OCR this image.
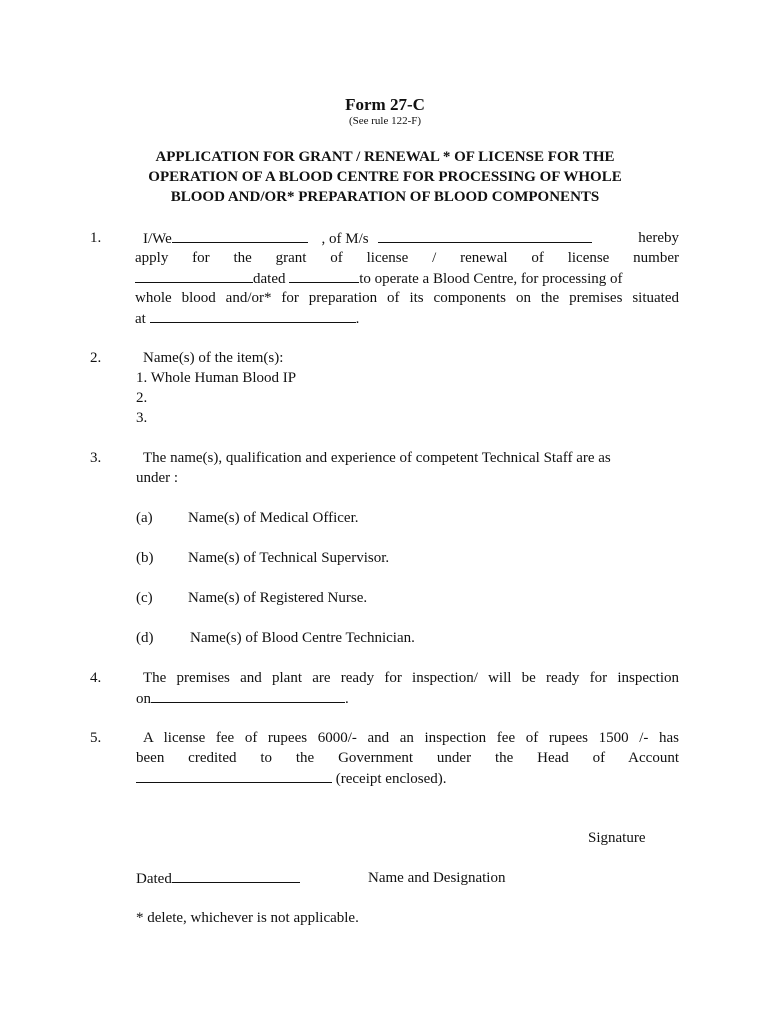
Form 27-C
(See rule 122-F)
APPLICATION FOR GRANT / RENEWAL * OF LICENSE FOR THE
OPERATION OF A BLOOD CENTRE FOR PROCESSING OF WHOLE
BLOOD AND/OR* PREPARATION OF BLOOD COMPONENTS
1.	I/We	, of M/s	hereby
apply for the grant of license / renewal of license number
dated	to operate a Blood Centre, for processing of
whole blood and/or* for preparation of its components on the premises situated
at	.
2.	Name(s) of the item(s):
1. Whole Human Blood IP
2.
3.
3.	The name(s), qualification and experience of competent Technical Staff are as
under :
(a) Name(s) of Medical Officer.
(b) Name(s) of Technical Supervisor.
(c) Name(s) of Registered Nurse.
(d) Name(s) of Blood Centre Technician.
4.	The premises and plant are ready for inspection/ will be ready for inspection
on	.
5.	A license fee of rupees 6000/- and an inspection fee of rupees 1500 /- has
been credited to the Government under the Head of Account
(receipt enclosed).
Signature
Dated	Name and Designation
* delete, whichever is not applicable.
